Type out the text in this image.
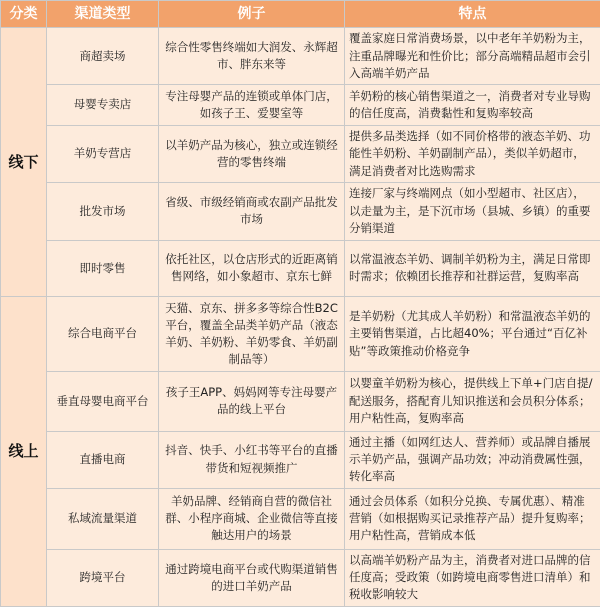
分类	渠道类型	例子	特点
线下	商超卖场	综合性零售终端如大润发、永辉超市、胖东来等	覆盖家庭日常消费场景，以中老年羊奶粉为主，注重品牌曝光和性价比；部分高端精品超市会引入高端羊奶产品
	母婴专卖店	专注母婴产品的连锁或单体门店，如孩子王、爱婴室等	羊奶粉的核心销售渠道之一，消费者对专业导购的信任度高，消费黏性和复购率较高
	羊奶专营店	以羊奶产品为核心，独立或连锁经营的零售终端	提供多品类选择（如不同价格带的液态羊奶、功能性羊奶粉、羊奶副制产品），类似羊奶超市，满足消费者对比选购需求
	批发市场	省级、市级经销商或农副产品批发市场	连接厂家与终端网点（如小型超市、社区店），以走量为主，是下沉市场（县城、乡镇）的重要分销渠道
	即时零售	依托社区，以仓店形式的近距离销售网络，如小象超市、京东七鲜	以常温液态羊奶、调制羊奶粉为主，满足日常即时需求；依赖团长推荐和社群运营，复购率高
线上	综合电商平台	天猫、京东、拼多多等综合性B2C平台，覆盖全品类羊奶产品（液态羊奶、羊奶粉、羊奶零食、羊奶副制品等）	是羊奶粉（尤其成人羊奶粉）和常温液态羊奶的主要销售渠道，占比超40%；平台通过“百亿补贴”等政策推动价格竞争
	垂直母婴电商平台	孩子王APP、妈妈网等专注母婴产品的线上平台	以婴童羊奶粉为核心，提供线上下单+门店自提/配送服务，搭配育儿知识推送和会员积分体系；用户粘性高，复购率高
	直播电商	抖音、快手、小红书等平台的直播带货和短视频推广	通过主播（如网红达人、营养师）或品牌自播展示羊奶产品，强调产品功效；冲动消费属性强，转化率高
	私域流量渠道	羊奶品牌、经销商自营的微信社群、小程序商城、企业微信等直接触达用户的场景	通过会员体系（如积分兑换、专属优惠）、精准营销（如根据购买记录推荐产品）提升复购率；用户粘性高，营销成本低
	跨境平台	通过跨境电商平台或代购渠道销售的进口羊奶产品	以高端羊奶粉产品为主，消费者对进口品牌的信任度高；受政策（如跨境电商零售进口清单）和税收影响较大
